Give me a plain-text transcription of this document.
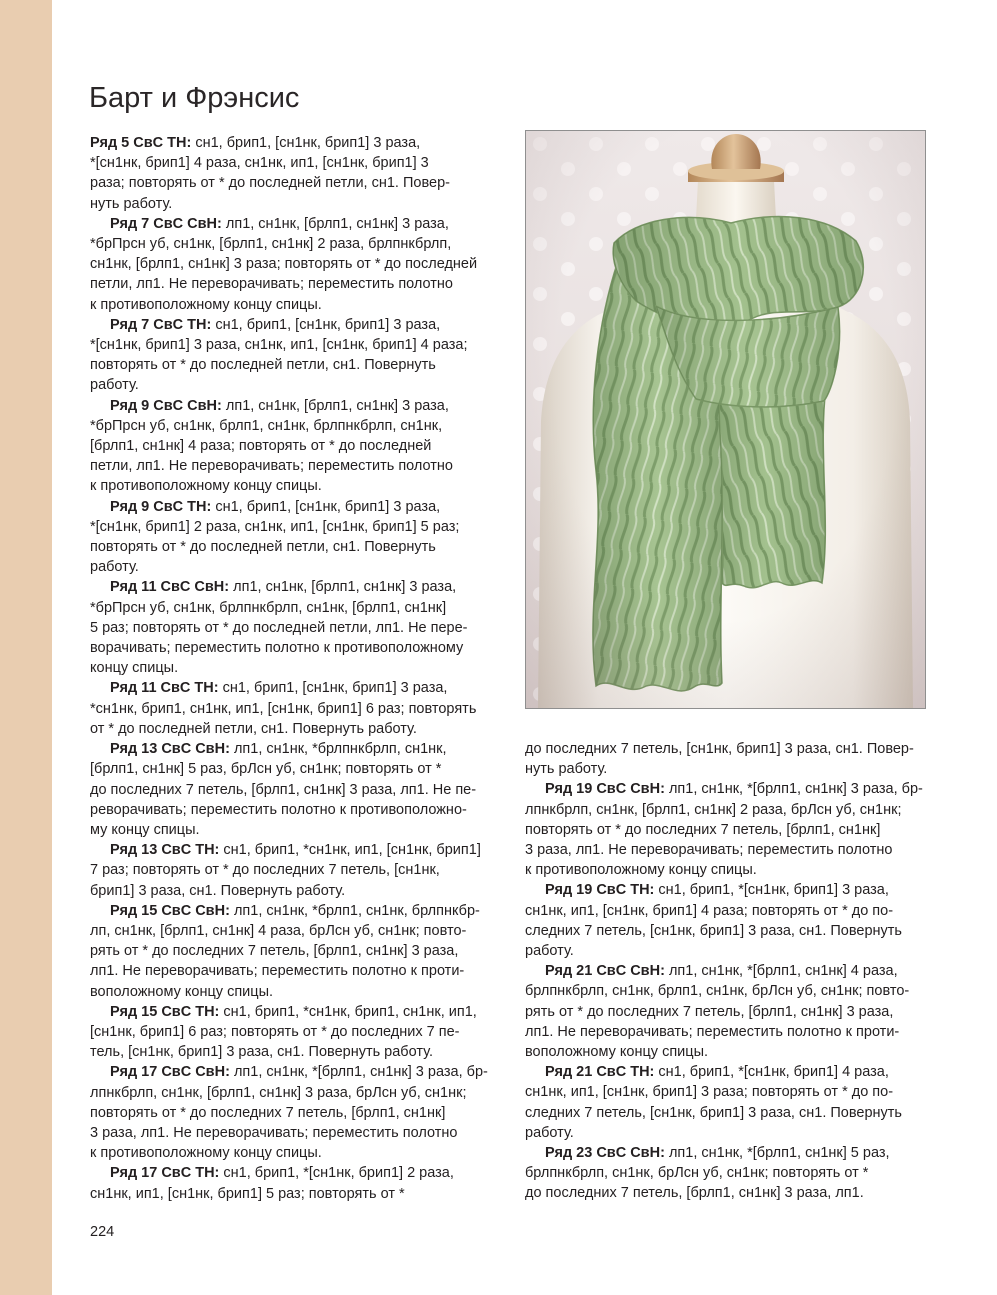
Барт и Фрэнсис
Ряд 5 СвС ТН: сн1, брип1, [сн1нк, брип1] 3 раза,
*[сн1нк, брип1] 4 раза, сн1нк, ип1, [сн1нк, брип1] 3
раза; повторять от * до последней петли, сн1. Повер-
нуть работу.
Ряд 7 СвС СвН: лп1, сн1нк, [брлп1, сн1нк] 3 раза,
*брПрсн уб, сн1нк, [брлп1, сн1нк] 2 раза, брлпнкбрлп,
сн1нк, [брлп1, сн1нк] 3 раза; повторять от * до последней
петли, лп1. Не переворачивать; переместить полотно
к противоположному концу спицы.
Ряд 7 СвС ТН: сн1, брип1, [сн1нк, брип1] 3 раза,
*[сн1нк, брип1] 3 раза, сн1нк, ип1, [сн1нк, брип1] 4 раза;
повторять от * до последней петли, сн1. Повернуть
работу.
Ряд 9 СвС СвН: лп1, сн1нк, [брлп1, сн1нк] 3 раза,
*брПрсн уб, сн1нк, брлп1, сн1нк, брлпнкбрлп, сн1нк,
[брлп1, сн1нк] 4 раза; повторять от * до последней
петли, лп1. Не переворачивать; переместить полотно
к противоположному концу спицы.
Ряд 9 СвС ТН: сн1, брип1, [сн1нк, брип1] 3 раза,
*[сн1нк, брип1] 2 раза, сн1нк, ип1, [сн1нк, брип1] 5 раз;
повторять от * до последней петли, сн1. Повернуть
работу.
Ряд 11 СвС СвН: лп1, сн1нк, [брлп1, сн1нк] 3 раза,
*брПрсн уб, сн1нк, брлпнкбрлп, сн1нк, [брлп1, сн1нк]
5 раз; повторять от * до последней петли, лп1. Не пере-
ворачивать; переместить полотно к противоположному
концу спицы.
Ряд 11 СвС ТН: сн1, брип1, [сн1нк, брип1] 3 раза,
*сн1нк, брип1, сн1нк, ип1, [сн1нк, брип1] 6 раз; повторять
от * до последней петли, сн1. Повернуть работу.
Ряд 13 СвС СвН: лп1, сн1нк, *брлпнкбрлп, сн1нк,
[брлп1, сн1нк] 5 раз, брЛсн уб, сн1нк; повторять от *
до последних 7 петель, [брлп1, сн1нк] 3 раза, лп1. Не пе-
реворачивать; переместить полотно к противоположно-
му концу спицы.
Ряд 13 СвС ТН: сн1, брип1, *сн1нк, ип1, [сн1нк, брип1]
7 раз; повторять от * до последних 7 петель, [сн1нк,
брип1] 3 раза, сн1. Повернуть работу.
Ряд 15 СвС СвН: лп1, сн1нк, *брлп1, сн1нк, брлпнкбр-
лп, сн1нк, [брлп1, сн1нк] 4 раза, брЛсн уб, сн1нк; повто-
рять от * до последних 7 петель, [брлп1, сн1нк] 3 раза,
лп1. Не переворачивать; переместить полотно к проти-
воположному концу спицы.
Ряд 15 СвС ТН: сн1, брип1, *сн1нк, брип1, сн1нк, ип1,
[сн1нк, брип1] 6 раз; повторять от * до последних 7 пе-
тель, [сн1нк, брип1] 3 раза, сн1. Повернуть работу.
Ряд 17 СвС СвН: лп1, сн1нк, *[брлп1, сн1нк] 3 раза, бр-
лпнкбрлп, сн1нк, [брлп1, сн1нк] 3 раза, брЛсн уб, сн1нк;
повторять от * до последних 7 петель, [брлп1, сн1нк]
3 раза, лп1. Не переворачивать; переместить полотно
к противоположному концу спицы.
Ряд 17 СвС ТН: сн1, брип1, *[сн1нк, брип1] 2 раза,
сн1нк, ип1, [сн1нк, брип1] 5 раз; повторять от *
до последних 7 петель, [сн1нк, брип1] 3 раза, сн1. Повер-
нуть работу.
Ряд 19 СвС СвН: лп1, сн1нк, *[брлп1, сн1нк] 3 раза, бр-
лпнкбрлп, сн1нк, [брлп1, сн1нк] 2 раза, брЛсн уб, сн1нк;
повторять от * до последних 7 петель, [брлп1, сн1нк]
3 раза, лп1. Не переворачивать; переместить полотно
к противоположному концу спицы.
Ряд 19 СвС ТН: сн1, брип1, *[сн1нк, брип1] 3 раза,
сн1нк, ип1, [сн1нк, брип1] 4 раза; повторять от * до по-
следних 7 петель, [сн1нк, брип1] 3 раза, сн1. Повернуть
работу.
Ряд 21 СвС СвН: лп1, сн1нк, *[брлп1, сн1нк] 4 раза,
брлпнкбрлп, сн1нк, брлп1, сн1нк, брЛсн уб, сн1нк; повто-
рять от * до последних 7 петель, [брлп1, сн1нк] 3 раза,
лп1. Не переворачивать; переместить полотно к проти-
воположному концу спицы.
Ряд 21 СвС ТН: сн1, брип1, *[сн1нк, брип1] 4 раза,
сн1нк, ип1, [сн1нк, брип1] 3 раза; повторять от * до по-
следних 7 петель, [сн1нк, брип1] 3 раза, сн1. Повернуть
работу.
Ряд 23 СвС СвН: лп1, сн1нк, *[брлп1, сн1нк] 5 раз,
брлпнкбрлп, сн1нк, брЛсн уб, сн1нк; повторять от *
до последних 7 петель, [брлп1, сн1нк] 3 раза, лп1.
224
